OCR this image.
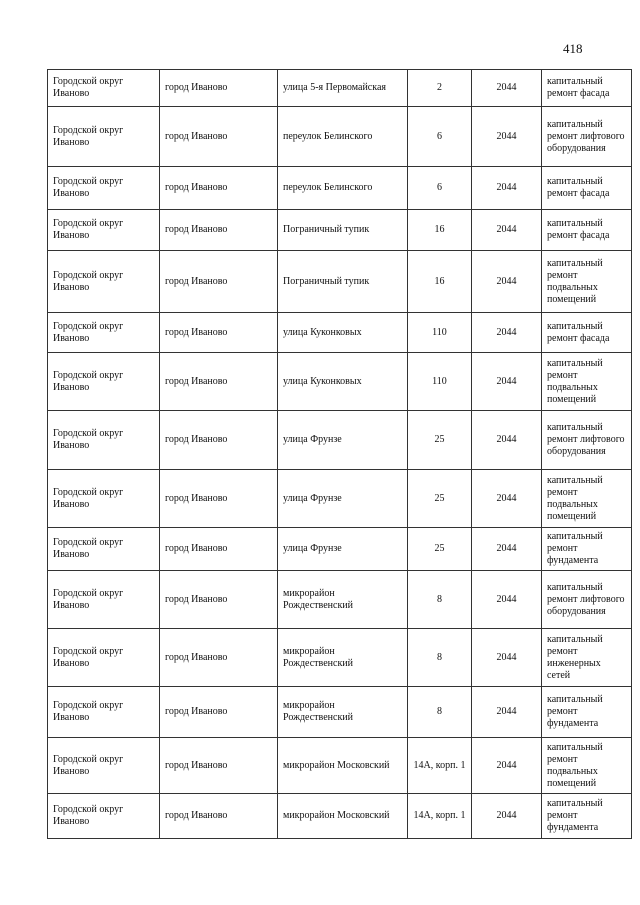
418
Городской округ Иваново	город Иваново	улица 5-я Первомайская	2	2044	капитальный ремонт фасада
Городской округ Иваново	город Иваново	переулок Белинского	6	2044	капитальный ремонт лифтового оборудования
Городской округ Иваново	город Иваново	переулок Белинского	6	2044	капитальный ремонт фасада
Городской округ Иваново	город Иваново	Пограничный тупик	16	2044	капитальный ремонт фасада
Городской округ Иваново	город Иваново	Пограничный тупик	16	2044	капитальный ремонт подвальных помещений
Городской округ Иваново	город Иваново	улица Куконковых	110	2044	капитальный ремонт фасада
Городской округ Иваново	город Иваново	улица Куконковых	110	2044	капитальный ремонт подвальных помещений
Городской округ Иваново	город Иваново	улица Фрунзе	25	2044	капитальный ремонт лифтового оборудования
Городской округ Иваново	город Иваново	улица Фрунзе	25	2044	капитальный ремонт подвальных помещений
Городской округ Иваново	город Иваново	улица Фрунзе	25	2044	капитальный ремонт фундамента
Городской округ Иваново	город Иваново	микрорайон Рождественский	8	2044	капитальный ремонт лифтового оборудования
Городской округ Иваново	город Иваново	микрорайон Рождественский	8	2044	капитальный ремонт инженерных сетей
Городской округ Иваново	город Иваново	микрорайон Рождественский	8	2044	капитальный ремонт фундамента
Городской округ Иваново	город Иваново	микрорайон Московский	14А, корп. 1	2044	капитальный ремонт подвальных помещений
Городской округ Иваново	город Иваново	микрорайон Московский	14А, корп. 1	2044	капитальный ремонт фундамента
